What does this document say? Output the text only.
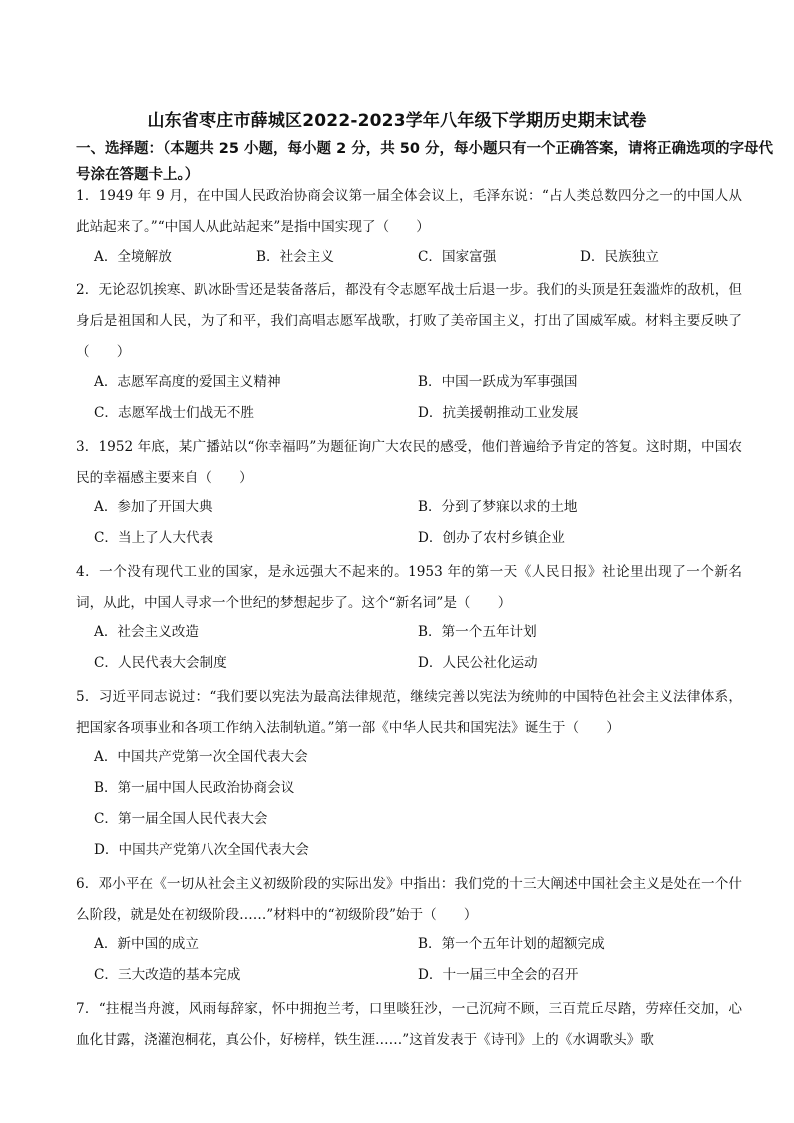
山东省枣庄市薛城区2022-2023学年八年级下学期历史期末试卷
一、选择题：（本题共 25 小题，每小题 2 分，共 50 分，每小题只有一个正确答案，请将正确选项的字母代号涂在答题卡上。）
1．1949 年 9 月，在中国人民政治协商会议第一届全体会议上，毛泽东说：“占人类总数四分之一的中国人从此站起来了。”“中国人从此站起来”是指中国实现了（　　）
A．全境解放	B．社会主义	C．国家富强	D．民族独立
2．无论忍饥挨寒、趴冰卧雪还是装备落后，都没有令志愿军战士后退一步。我们的头顶是狂轰滥炸的敌机，但身后是祖国和人民，为了和平，我们高唱志愿军战歌，打败了美帝国主义，打出了国威军威。材料主要反映了（　　）
A．志愿军高度的爱国主义精神	B．中国一跃成为军事强国
C．志愿军战士们战无不胜	D．抗美援朝推动工业发展
3．1952 年底，某广播站以“你幸福吗”为题征询广大农民的感受，他们普遍给予肯定的答复。这时期，中国农民的幸福感主要来自（　　）
A．参加了开国大典	B．分到了梦寐以求的土地
C．当上了人大代表	D．创办了农村乡镇企业
4．一个没有现代工业的国家，是永远强大不起来的。1953 年的第一天《人民日报》社论里出现了一个新名词，从此，中国人寻求一个世纪的梦想起步了。这个“新名词”是（　　）
A．社会主义改造	B．第一个五年计划
C．人民代表大会制度	D．人民公社化运动
5．习近平同志说过：“我们要以宪法为最高法律规范，继续完善以宪法为统帅的中国特色社会主义法律体系，把国家各项事业和各项工作纳入法制轨道。”第一部《中华人民共和国宪法》诞生于（　　）
A．中国共产党第一次全国代表大会
B．第一届中国人民政治协商会议
C．第一届全国人民代表大会
D．中国共产党第八次全国代表大会
6．邓小平在《一切从社会主义初级阶段的实际出发》中指出：我们党的十三大阐述中国社会主义是处在一个什么阶段，就是处在初级阶段……”材料中的“初级阶段”始于（　　）
A．新中国的成立	B．第一个五年计划的超额完成
C．三大改造的基本完成	D．十一届三中全会的召开
7．“拄棍当舟渡，风雨每辞家，怀中拥抱兰考，口里啖狂沙，一己沉疴不顾，三百荒丘尽踏，劳瘁任交加，心血化甘露，浇灌泡桐花，真公仆，好榜样，铁生涯……”这首发表于《诗刊》上的《水调歌头》歌
